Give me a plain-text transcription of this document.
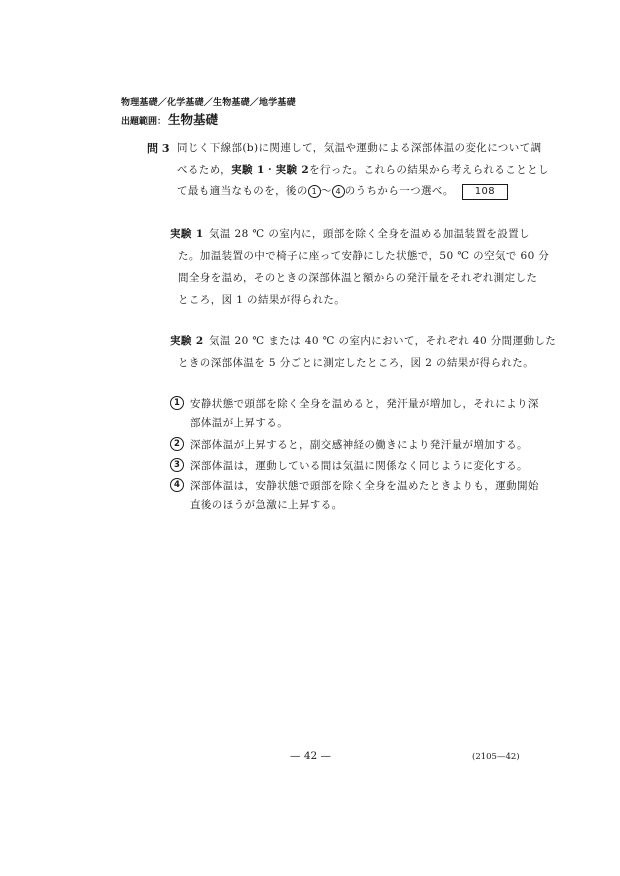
物理基礎／化学基礎／生物基礎／地学基礎
出題範囲： 生物基礎
問 3 同じく下線部(b)に関連して，気温や運動による深部体温の変化について調
べるため，実験 1・実験 2を行った。これらの結果から考えられることとし
て最も適当なものを，後の 1 ～ 4 のうちから一つ選べ。 108
実験 1 気温 28 ℃ の室内に，頭部を除く全身を温める加温装置を設置し
た。加温装置の中で椅子に座って安静にした状態で，50 ℃ の空気で 60 分
間全身を温め，そのときの深部体温と額からの発汗量をそれぞれ測定した
ところ，図 1 の結果が得られた。
実験 2 気温 20 ℃ または 40 ℃ の室内において，それぞれ 40 分間運動した
ときの深部体温を 5 分ごとに測定したところ，図 2 の結果が得られた。
1 安静状態で頭部を除く全身を温めると，発汗量が増加し，それにより深
部体温が上昇する。
2 深部体温が上昇すると，副交感神経の働きにより発汗量が増加する。
3 深部体温は，運動している間は気温に関係なく同じように変化する。
4 深部体温は，安静状態で頭部を除く全身を温めたときよりも，運動開始
直後のほうが急激に上昇する。
— 42 —	(2105—42)
